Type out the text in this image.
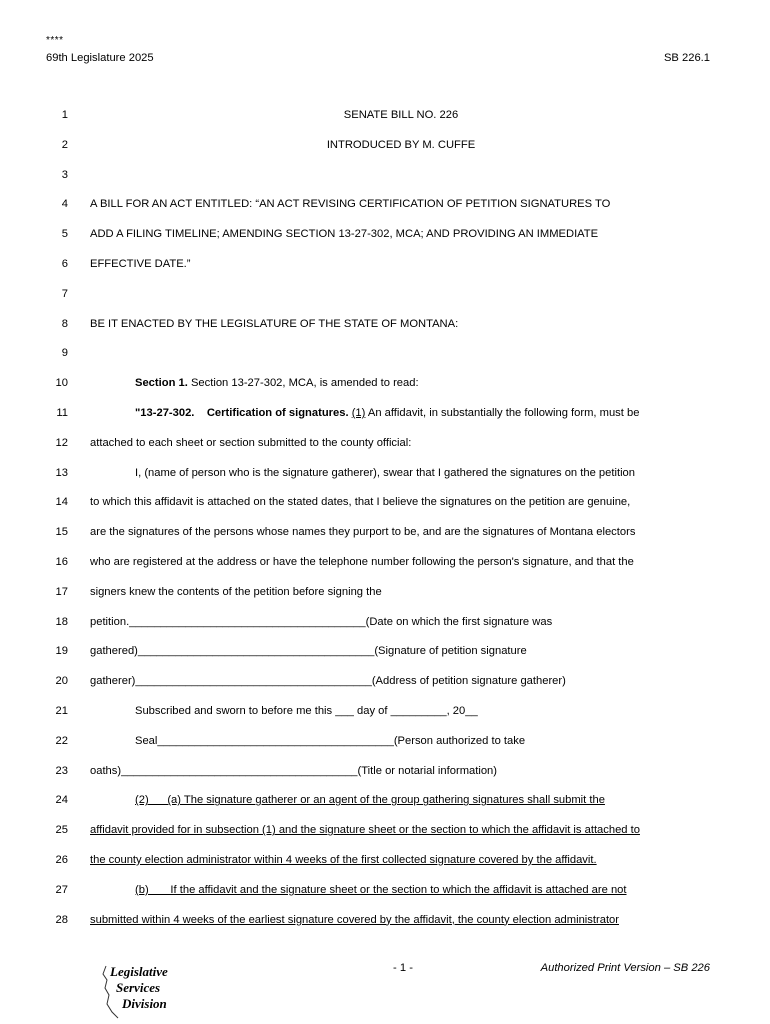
****
69th Legislature 2025	SB 226.1
1	SENATE BILL NO. 226
2	INTRODUCED BY M. CUFFE
3
4 A BILL FOR AN ACT ENTITLED: “AN ACT REVISING CERTIFICATION OF PETITION SIGNATURES TO
5 ADD A FILING TIMELINE; AMENDING SECTION 13-27-302, MCA; AND PROVIDING AN IMMEDIATE
6 EFFECTIVE DATE.”
7
8 BE IT ENACTED BY THE LEGISLATURE OF THE STATE OF MONTANA:
9
10	Section 1. Section 13-27-302, MCA, is amended to read:
11	"13-27-302.    Certification of signatures. (1) An affidavit, in substantially the following form, must be
12 attached to each sheet or section submitted to the county official:
13	I, (name of person who is the signature gatherer), swear that I gathered the signatures on the petition
14 to which this affidavit is attached on the stated dates, that I believe the signatures on the petition are genuine,
15 are the signatures of the persons whose names they purport to be, and are the signatures of Montana electors
16 who are registered at the address or have the telephone number following the person's signature, and that the
17 signers knew the contents of the petition before signing the
18 petition.______________________________________(Date on which the first signature was
19 gathered)______________________________________(Signature of petition signature
20 gatherer)______________________________________(Address of petition signature gatherer)
21	Subscribed and sworn to before me this ___ day of _________, 20__
22	Seal______________________________________(Person authorized to take
23 oaths)______________________________________(Title or notarial information)
24	(2)      (a) The signature gatherer or an agent of the group gathering signatures shall submit the
25 affidavit provided for in subsection (1) and the signature sheet or the section to which the affidavit is attached to
26 the county election administrator within 4 weeks of the first collected signature covered by the affidavit.
27	(b)       If the affidavit and the signature sheet or the section to which the affidavit is attached are not
28 submitted within 4 weeks of the earliest signature covered by the affidavit, the county election administrator
Legislative
Services
Division
- 1 -	Authorized Print Version – SB 226
